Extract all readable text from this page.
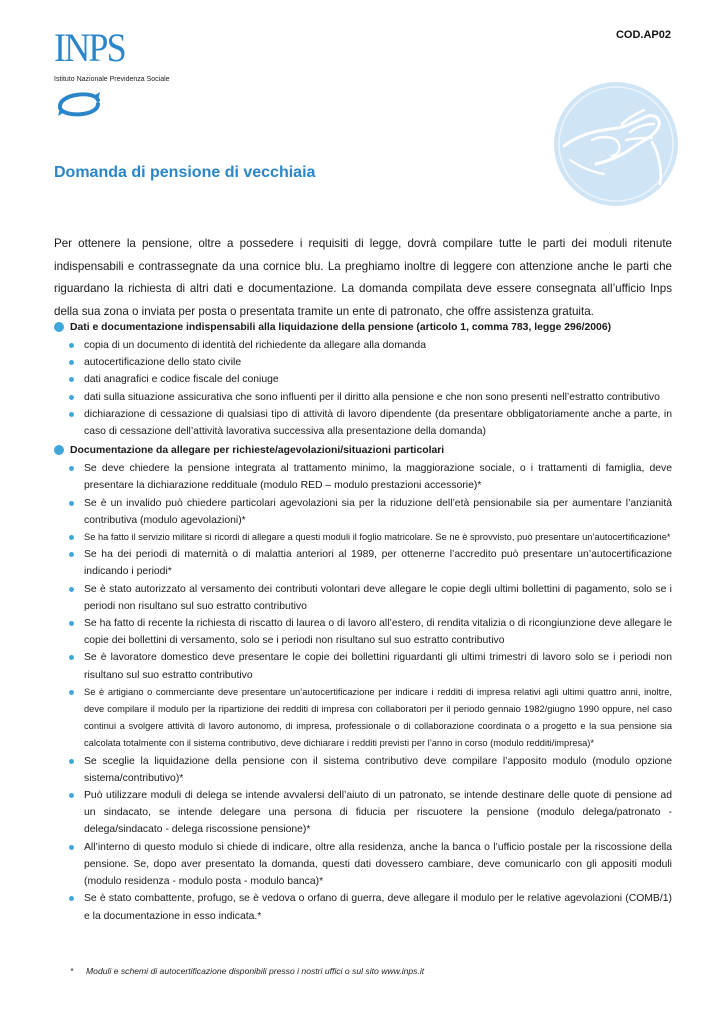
INPS
Istituto Nazionale Previdenza Sociale
COD.AP02
Domanda di pensione di vecchiaia

Per ottenere la pensione, oltre a possedere i requisiti di legge, dovrà compilare tutte le parti dei moduli ritenute indispensabili e contrassegnate da una cornice blu. La preghiamo inoltre di leggere con attenzione anche le parti che riguardano la richiesta di altri dati e documentazione. La domanda compilata deve essere consegnata all’ufficio Inps della sua zona o inviata per posta o presentata tramite un ente di patronato, che offre assistenza gratuita.

Dati e documentazione indispensabili alla liquidazione della pensione (articolo 1, comma 783, legge 296/2006)
copia di un documento di identità del richiedente da allegare alla domanda
autocertificazione dello stato civile
dati anagrafici e codice fiscale del coniuge
dati sulla situazione assicurativa che sono influenti per il diritto alla pensione e che non sono presenti nell’estratto contributivo
dichiarazione di cessazione di qualsiasi tipo di attività di lavoro dipendente (da presentare obbligatoriamente anche a parte, in caso di cessazione dell’attività lavorativa successiva alla presentazione della domanda)
Documentazione da allegare per richieste/agevolazioni/situazioni particolari
Se deve chiedere la pensione integrata al trattamento minimo, la maggiorazione sociale, o i trattamenti di famiglia, deve presentare la dichiarazione reddituale (modulo RED – modulo prestazioni accessorie)*
Se è un invalido può chiedere particolari agevolazioni sia per la riduzione dell’età pensionabile sia per aumentare l’anzianità contributiva (modulo agevolazioni)*
Se ha fatto il servizio militare si ricordi di allegare a questi moduli il foglio matricolare. Se ne è sprovvisto, può presentare un’autocertificazione*
Se ha dei periodi di maternità o di malattia anteriori al 1989, per ottenerne l’accredito può presentare un’autocertificazione indicando i periodi*
Se è stato autorizzato al versamento dei contributi volontari deve allegare le copie degli ultimi bollettini di pagamento, solo se i periodi non risultano sul suo estratto contributivo
Se ha fatto di recente la richiesta di riscatto di laurea o di lavoro all’estero, di rendita vitalizia o di ricongiunzione deve allegare le copie dei bollettini di versamento, solo se i periodi non risultano sul suo estratto contributivo
Se è lavoratore domestico deve presentare le copie dei bollettini riguardanti gli ultimi trimestri di lavoro solo se i periodi non risultano sul suo estratto contributivo
Se è artigiano o commerciante deve presentare un’autocertificazione per indicare i redditi di impresa relativi agli ultimi quattro anni, inoltre, deve compilare il modulo per la ripartizione dei redditi di impresa con collaboratori per il periodo gennaio 1982/giugno 1990 oppure, nel caso continui a svolgere attività di lavoro autonomo, di impresa, professionale o di collaborazione coordinata o a progetto e la sua pensione sia calcolata totalmente con il sistema contributivo, deve dichiarare i redditi previsti per l’anno in corso (modulo redditi/impresa)*
Se sceglie la liquidazione della pensione con il sistema contributivo deve compilare l’apposito modulo (modulo opzione sistema/contributivo)*
Può utilizzare moduli di delega se intende avvalersi dell’aiuto di un patronato, se intende destinare delle quote di pensione ad un sindacato, se intende delegare una persona di fiducia per riscuotere la pensione (modulo delega/patronato - delega/sindacato - delega riscossione pensione)*
All’interno di questo modulo si chiede di indicare, oltre alla residenza, anche la banca o l’ufficio postale per la riscossione della pensione. Se, dopo aver presentato la domanda, questi dati dovessero cambiare, deve comunicarlo con gli appositi moduli (modulo residenza - modulo posta - modulo banca)*
Se è stato combattente, profugo, se è vedova o orfano di guerra, deve allegare il modulo per le relative agevolazioni (COMB/1) e la documentazione in esso indicata.*
* Moduli e schemi di autocertificazione disponibili presso i nostri uffici o sul sito www.inps.it
